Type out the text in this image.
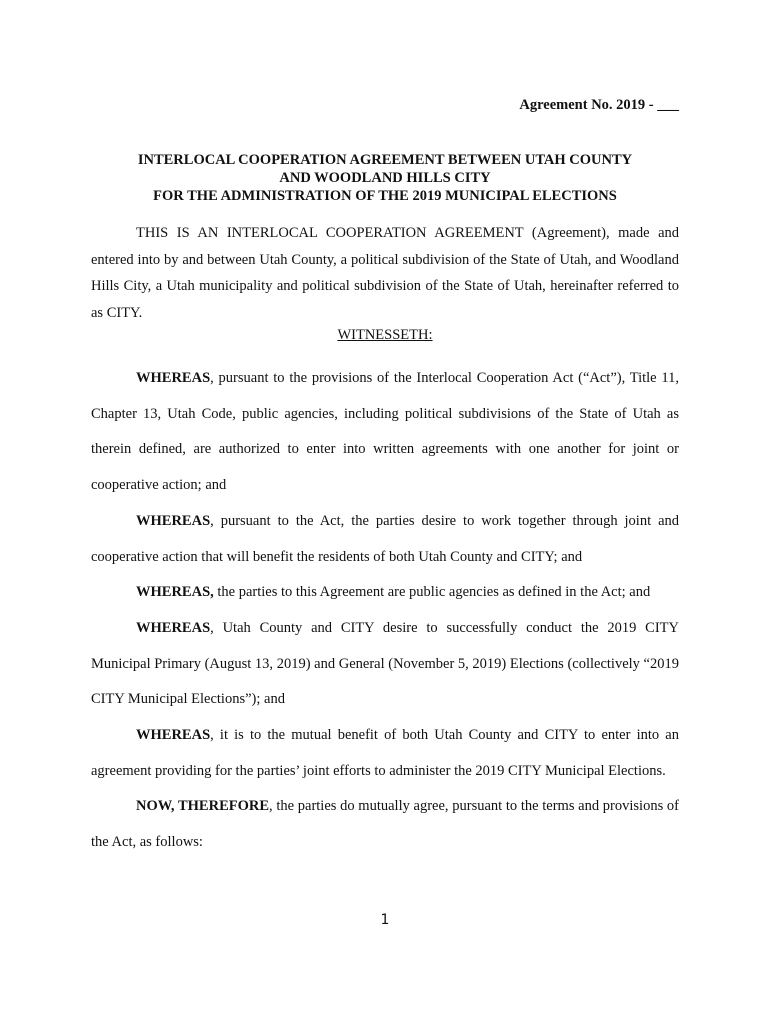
Agreement No. 2019 - ___
INTERLOCAL COOPERATION AGREEMENT BETWEEN UTAH COUNTY
AND WOODLAND HILLS CITY
FOR THE ADMINISTRATION OF THE 2019 MUNICIPAL ELECTIONS

THIS IS AN INTERLOCAL COOPERATION AGREEMENT (Agreement), made and entered into by and between Utah County, a political subdivision of the State of Utah, and Woodland Hills City, a Utah municipality and political subdivision of the State of Utah, hereinafter referred to as CITY.

WITNESSETH:

WHEREAS, pursuant to the provisions of the Interlocal Cooperation Act (“Act”), Title 11, Chapter 13, Utah Code, public agencies, including political subdivisions of the State of Utah as therein defined, are authorized to enter into written agreements with one another for joint or cooperative action; and

WHEREAS, pursuant to the Act, the parties desire to work together through joint and cooperative action that will benefit the residents of both Utah County and CITY; and

WHEREAS, the parties to this Agreement are public agencies as defined in the Act; and

WHEREAS, Utah County and CITY desire to successfully conduct the 2019 CITY Municipal Primary (August 13, 2019) and General (November 5, 2019) Elections (collectively “2019 CITY Municipal Elections”); and

WHEREAS, it is to the mutual benefit of both Utah County and CITY to enter into an agreement providing for the parties’ joint efforts to administer the 2019 CITY Municipal Elections.

NOW, THEREFORE, the parties do mutually agree, pursuant to the terms and provisions of the Act, as follows:

1
